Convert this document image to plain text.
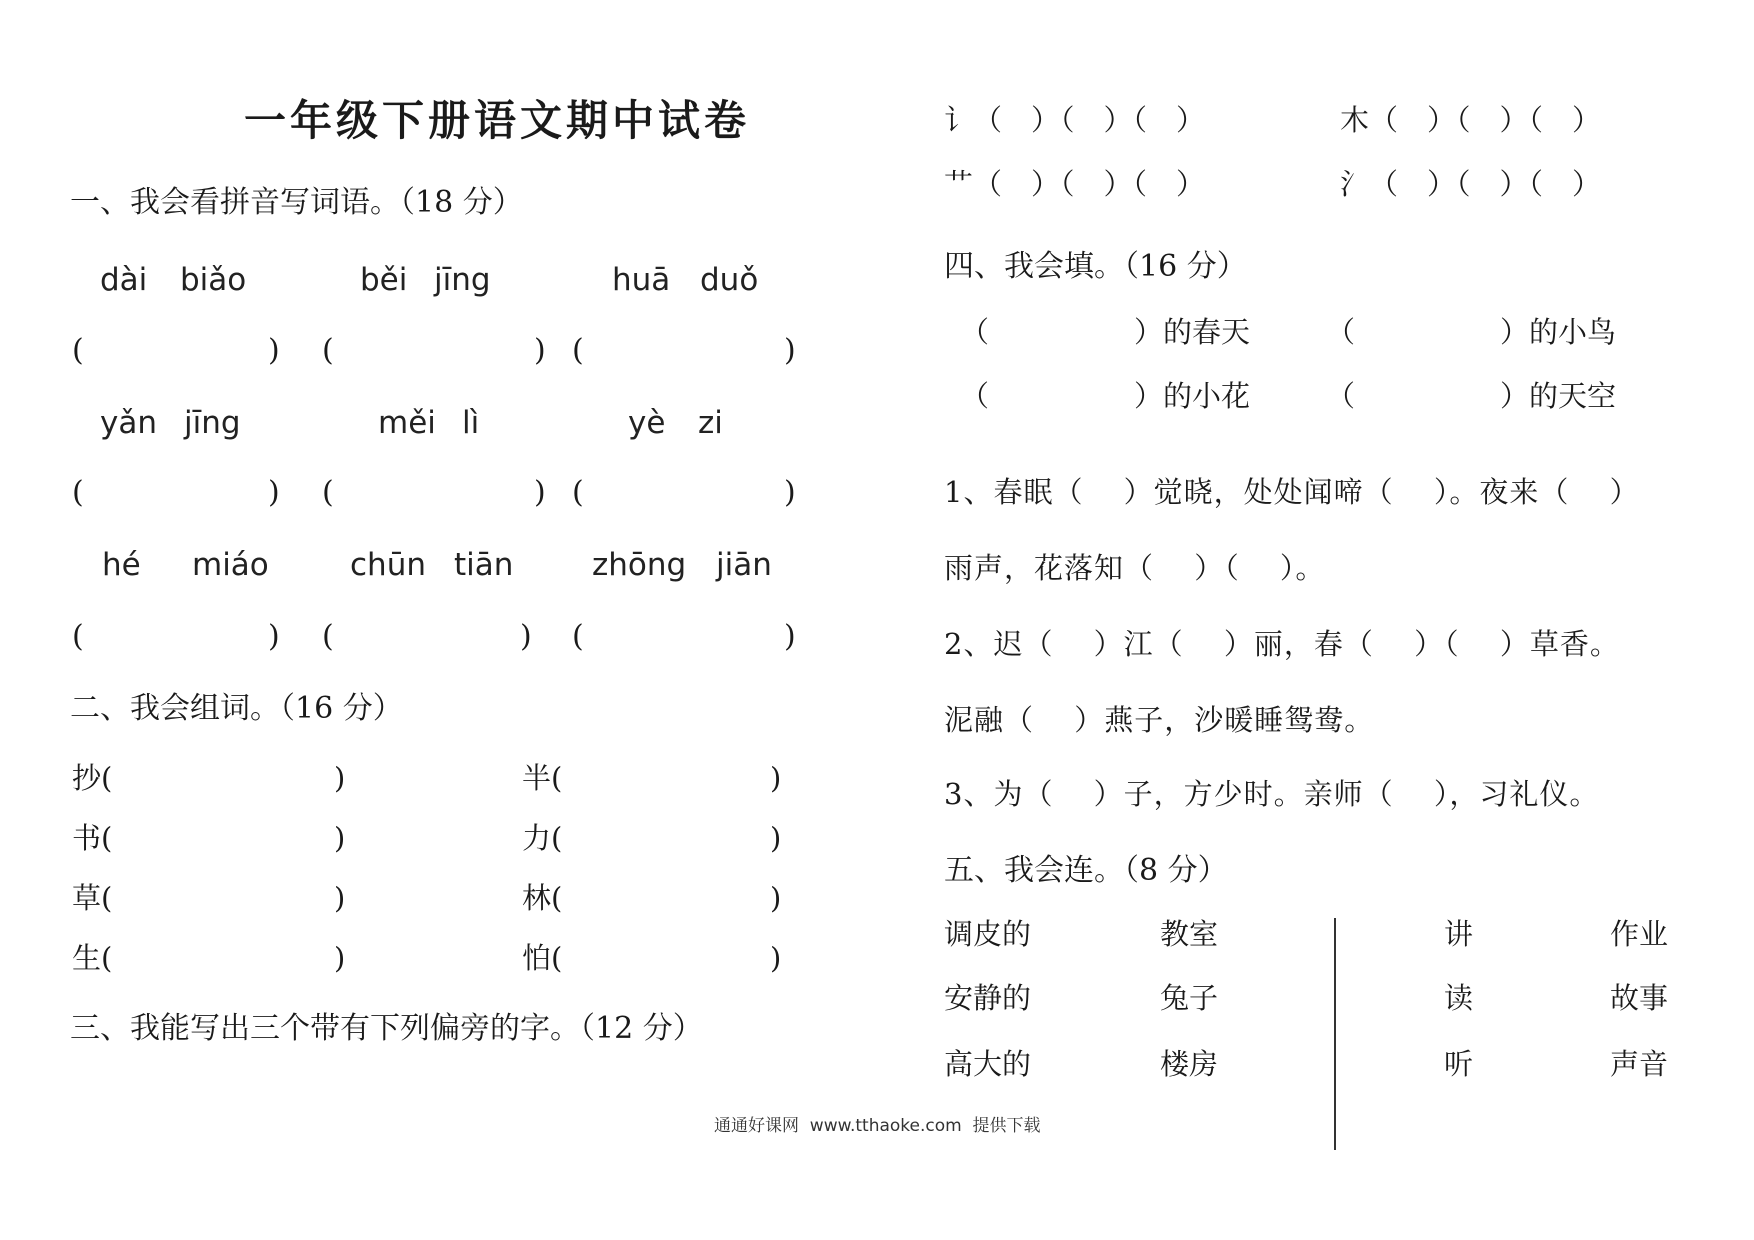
一年级下册语文期中试卷
一、我会看拼音写词语。（18 分）
dài biǎo	běi jīng	huā duǒ
(	) (	) (	)
yǎn jīng	měi lì	yè zi
(	) (	) (	)
hé miáo	chūn tiān	zhōng jiān
(	) (	) (	)
二、我会组词。（16 分）
抄(	)	半(	)
书(	)	力(	)
草(	)	林(	)
生(	)	怕(	)
三、我能写出三个带有下列偏旁的字。（12 分）
讠（　）（　）（　）	木（　）（　）（　）
艹（　）（　）（　）	氵（　）（　）（　）
四、我会填。（16 分）
（　　　　　）的春天	（　　　　　）的小鸟
（　　　　　）的小花	（　　　　　）的天空
1、春眠（　 ）觉晓，处处闻啼（　 ）。夜来（　 ）
雨声，花落知（　 ）（　 ）。
2、迟（　 ）江（　 ）丽，春（　 ）（　 ）草香。
泥融（　 ）燕子，沙暖睡鸳鸯。
3、为（　 ）子，方少时。亲师（　 ），习礼仪。
五、我会连。（8 分）
调皮的	教室	讲	作业
安静的	兔子	读	故事
高大的	楼房	听	声音
通通好课网  www.tthaoke.com  提供下载
